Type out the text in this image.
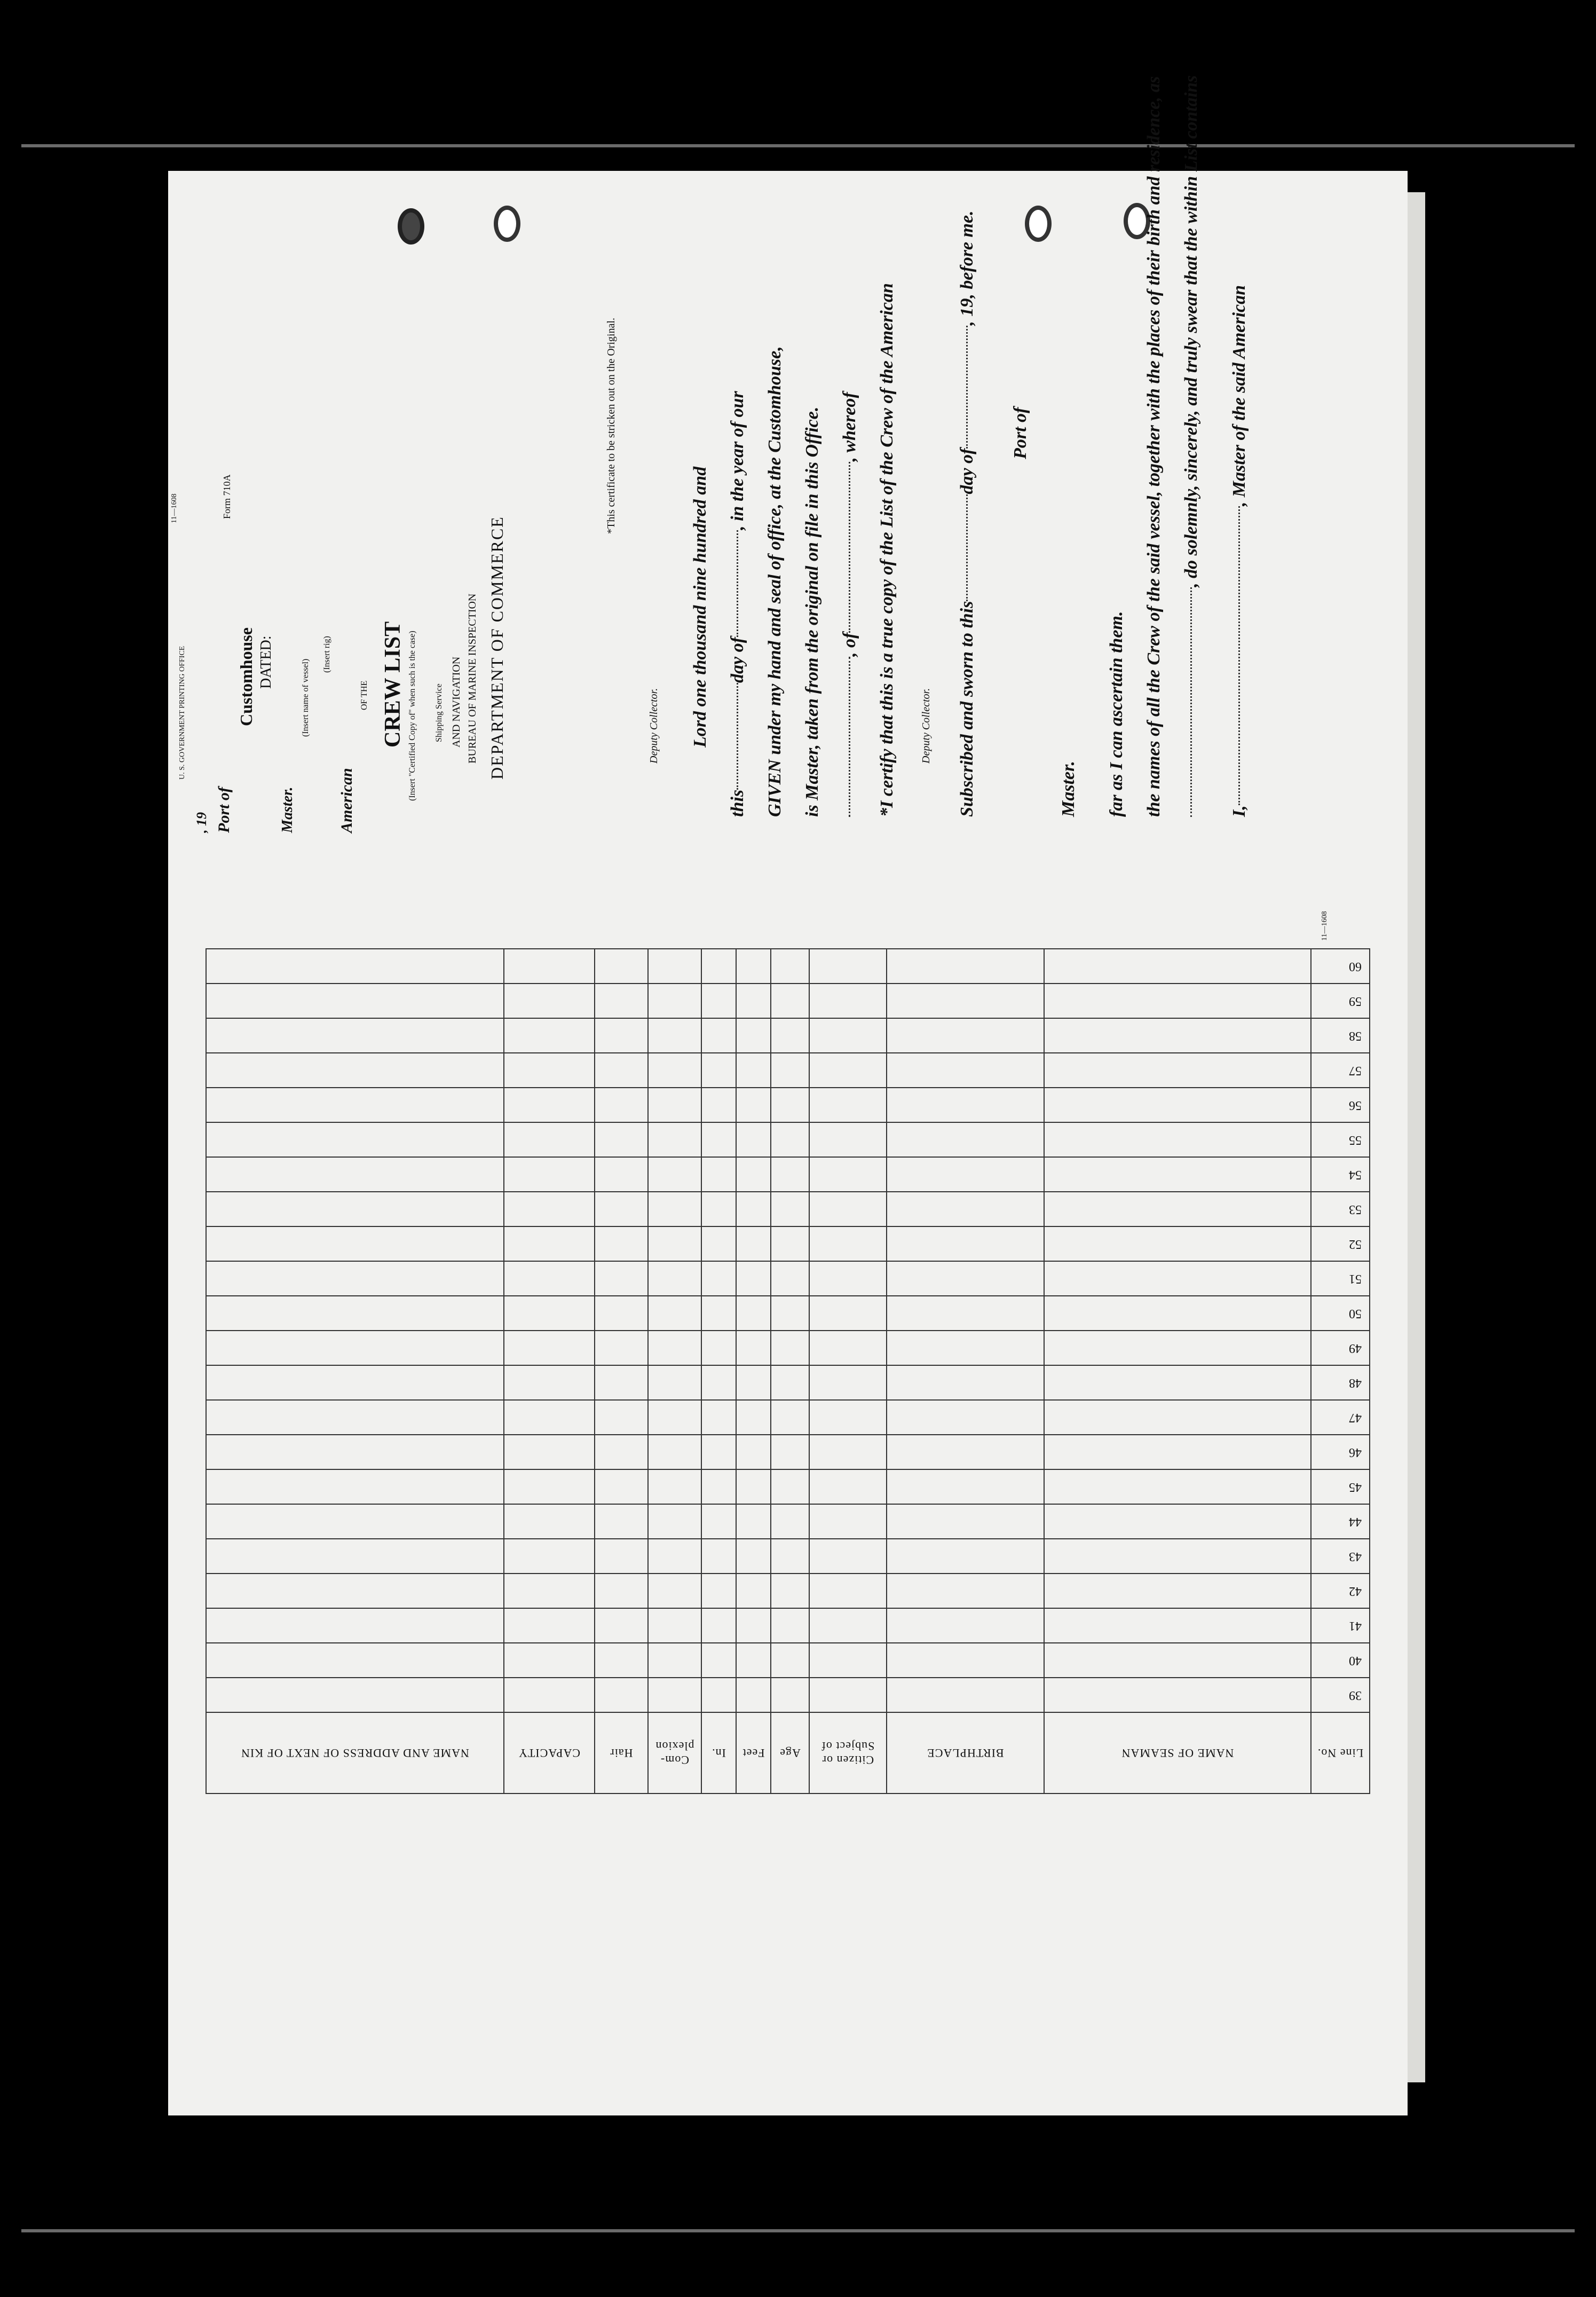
Line No.	NAME OF SEAMAN	BIRTHPLACE	Citizen or Subject of	Age	Feet	In.	Com- plexion	Hair	CAPACITY	NAME AND ADDRESS OF NEXT OF KIN
39										
40										
41										
42										
43										
44										
45										
46										
47										
48										
49										
50										
51										
52										
53										
54										
55										
56										
57										
58										
59										
60										
I,, Master of the said American
, do solemnly, sincerely, and truly swear that the within List contains
the names of all the Crew of the said vessel, together with the places of their birth and residence, as
far as I can ascertain them.
Master.
Port of
Subscribed and sworn to thisday of, 19, before me.
Deputy Collector.
*I certify that this is a true copy of the List of the Crew of the American
, of, whereof
is Master, taken from the original on file in this Office.
GIVEN under my hand and seal of office, at the Customhouse,
thisday of, in the year of our
Lord one thousand nine hundred and
Deputy Collector.
*This certificate to be stricken out on the Original.
Form 710A
DEPARTMENT OF COMMERCE
BUREAU OF MARINE INSPECTION
AND NAVIGATION
Shipping Service
(Insert "Certified Copy of" when such is the case)
CREW LIST
OF THE
American
(Insert rig)
(Insert name of vessel)
Master.
DATED:
Customhouse
Port of
, 19
U. S. GOVERNMENT PRINTING OFFICE
11—1608
11—1608
